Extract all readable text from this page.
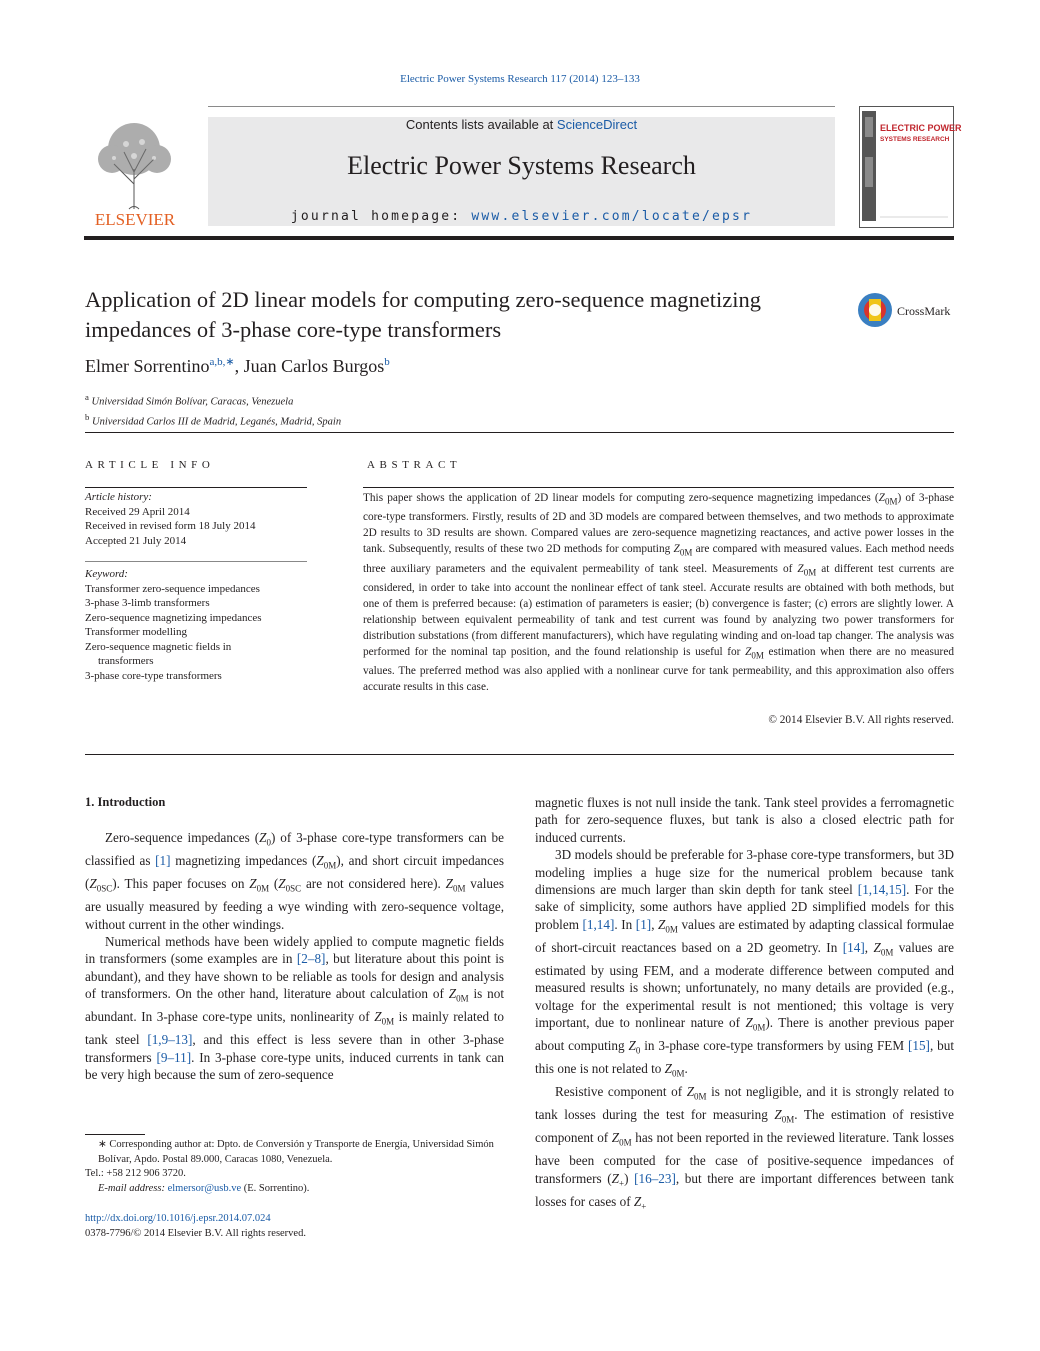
Electric Power Systems Research 117 (2014) 123–133
ELSEVIER
Contents lists available at ScienceDirect
Electric Power Systems Research
journal homepage: www.elsevier.com/locate/epsr
ELECTRIC POWER
SYSTEMS RESEARCH
Application of 2D linear models for computing zero-sequence magnetizing impedances of 3-phase core-type transformers
CrossMark
Elmer Sorrentino$^{a,b,∗}$, Juan Carlos Burgos$^b$
$^a$ Universidad Simón Bolívar, Caracas, Venezuela
$^b$ Universidad Carlos III de Madrid, Leganés, Madrid, Spain
ARTICLE INFO
Article history:
Received 29 April 2014
Received in revised form 18 July 2014
Accepted 21 July 2014
Keyword:
Transformer zero-sequence impedances
3-phase 3-limb transformers
Zero-sequence magnetizing impedances
Transformer modelling
Zero-sequence magnetic fields in
transformers
3-phase core-type transformers
ABSTRACT
This paper shows the application of 2D linear models for computing zero-sequence magnetizing impedances $(Z_{0M})$ of 3-phase core-type transformers. Firstly, results of 2D and 3D models are compared between themselves, and two methods to approximate 2D results to 3D results are shown. Compared values are zero-sequence magnetizing reactances, and active power losses in the tank. Subsequently, results of these two 2D methods for computing $Z_{0M}$ are compared with measured values. Each method needs three auxiliary parameters and the equivalent permeability of tank steel. Measurements of $Z_{0M}$ at different test currents are considered, in order to take into account the nonlinear effect of tank steel. Accurate results are obtained with both methods, but one of them is preferred because: (a) estimation of parameters is easier; (b) convergence is faster; (c) errors are slightly lower. A relationship between equivalent permeability of tank and test current was found by analyzing two power transformers for distribution substations (from different manufacturers), which have regulating winding and on-load tap changer. The analysis was performed for the nominal tap position, and the found relationship is useful for $Z_{0M}$ estimation when there are no measured values. The preferred method was also applied with a nonlinear curve for tank permeability, and this approximation also offers accurate results in this case.
© 2014 Elsevier B.V. All rights reserved.
1. Introduction

Zero-sequence impedances $(Z_0)$ of 3-phase core-type transformers can be classified as [1] magnetizing impedances $(Z_{0M})$, and short circuit impedances $(Z_{0SC})$. This paper focuses on $Z_{0M}$ ($Z_{0SC}$ are not considered here). $Z_{0M}$ values are usually measured by feeding a wye winding with zero-sequence voltage, without current in the other windings.

Numerical methods have been widely applied to compute magnetic fields in transformers (some examples are in [2–8], but literature about this point is abundant), and they have shown to be reliable as tools for design and analysis of transformers. On the other hand, literature about calculation of $Z_{0M}$ is not abundant. In 3-phase core-type units, nonlinearity of $Z_{0M}$ is mainly related to tank steel [1,9–13], and this effect is less severe than in other 3-phase transformers [9–11]. In 3-phase core-type units, induced currents in tank can be very high because the sum of zero-sequence

magnetic fluxes is not null inside the tank. Tank steel provides a ferromagnetic path for zero-sequence fluxes, but tank is also a closed electric path for induced currents.

3D models should be preferable for 3-phase core-type transformers, but 3D modeling implies a huge size for the numerical problem because tank dimensions are much larger than skin depth for tank steel [1,14,15]. For the sake of simplicity, some authors have applied 2D simplified models for this problem [1,14]. In [1], $Z_{0M}$ values are estimated by adapting classical formulae of short-circuit reactances based on a 2D geometry. In [14], $Z_{0M}$ values are estimated by using FEM, and a moderate difference between computed and measured results is shown; unfortunately, no many details are provided (e.g., voltage for the experimental result is not mentioned; this voltage is very important, due to nonlinear nature of $Z_{0M}$). There is another previous paper about computing $Z_0$ in 3-phase core-type transformers by using FEM [15], but this one is not related to $Z_{0M}$.

Resistive component of $Z_{0M}$ is not negligible, and it is strongly related to tank losses during the test for measuring $Z_{0M}$. The estimation of resistive component of $Z_{0M}$ has not been reported in the reviewed literature. Tank losses have been computed for the case of positive-sequence impedances of transformers $(Z_+)$ [16–23], but there are important differences between tank losses for cases of $Z_+$

∗ Corresponding author at: Dpto. de Conversión y Transporte de Energía, Universidad Simón Bolívar, Apdo. Postal 89.000, Caracas 1080, Venezuela.
Tel.: +58 212 906 3720.
E-mail address: elmersor@usb.ve (E. Sorrentino).
http://dx.doi.org/10.1016/j.epsr.2014.07.024
0378-7796/© 2014 Elsevier B.V. All rights reserved.
